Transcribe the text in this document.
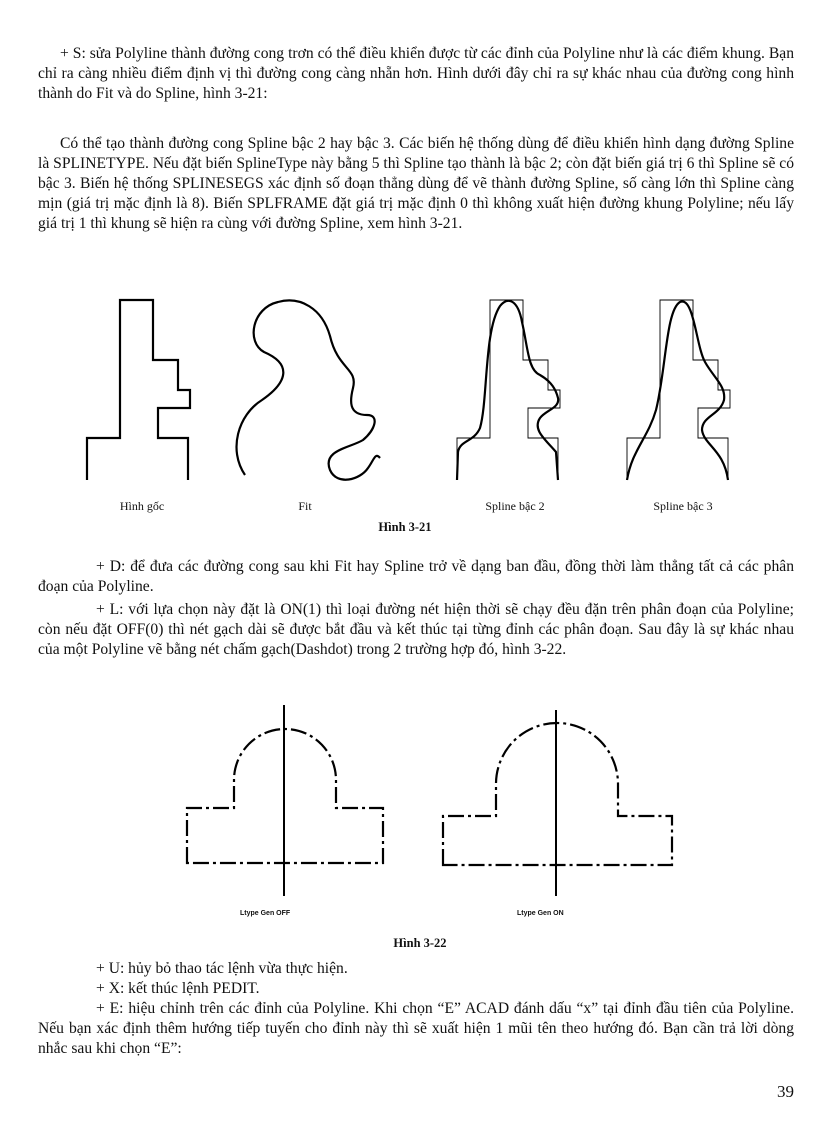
+ S: sửa Polyline thành đường cong trơn có thể điều khiển được từ các đỉnh của Polyline như là các điểm khung. Bạn chỉ ra càng nhiều điểm định vị thì đường cong càng nhẵn hơn. Hình dưới đây chỉ ra sự khác nhau của đường cong hình thành do Fit và do Spline, hình 3-21:

Có thể tạo thành đường cong Spline bậc 2 hay bậc 3. Các biến hệ thống dùng để điều khiển hình dạng đường Spline là SPLINETYPE. Nếu đặt biến SplineType này bằng 5 thì Spline tạo thành là bậc 2; còn đặt biến giá trị 6 thì Spline sẽ có bậc 3. Biến hệ thống SPLINESEGS xác định số đoạn thẳng dùng để vẽ thành đường Spline, số càng lớn thì Spline càng mịn (giá trị mặc định là 8). Biến SPLFRAME đặt giá trị mặc định 0 thì không xuất hiện đường khung Polyline; nếu lấy giá trị 1 thì khung sẽ hiện ra cùng với đường Spline, xem hình 3-21.

Hình gốc	Fit	Spline bậc 2	Spline bậc 3
Hình 3-21

+ D: để đưa các đường cong sau khi Fit hay Spline trở về dạng ban đầu, đồng thời làm thẳng tất cả các phân đoạn của Polyline.

+ L: với lựa chọn này đặt là ON(1) thì loại đường nét hiện thời sẽ chạy đều đặn trên phân đoạn của Polyline; còn nếu đặt OFF(0) thì nét gạch dài sẽ được bắt đầu và kết thúc tại từng đỉnh các phân đoạn. Sau đây là sự khác nhau của một Polyline vẽ bằng nét chấm gạch(Dashdot) trong 2 trường hợp đó, hình 3-22.

Ltype Gen OFF	Ltype Gen ON
Hình 3-22

+ U: hủy bỏ thao tác lệnh vừa thực hiện.

+ X: kết thúc lệnh PEDIT.

+ E: hiệu chỉnh trên các đỉnh của Polyline. Khi chọn “E” ACAD đánh dấu “x” tại đỉnh đầu tiên của Polyline. Nếu bạn xác định thêm hướng tiếp tuyến cho đỉnh này thì sẽ xuất hiện 1 mũi tên theo hướng đó. Bạn cần trả lời dòng nhắc sau khi chọn “E”:

39
